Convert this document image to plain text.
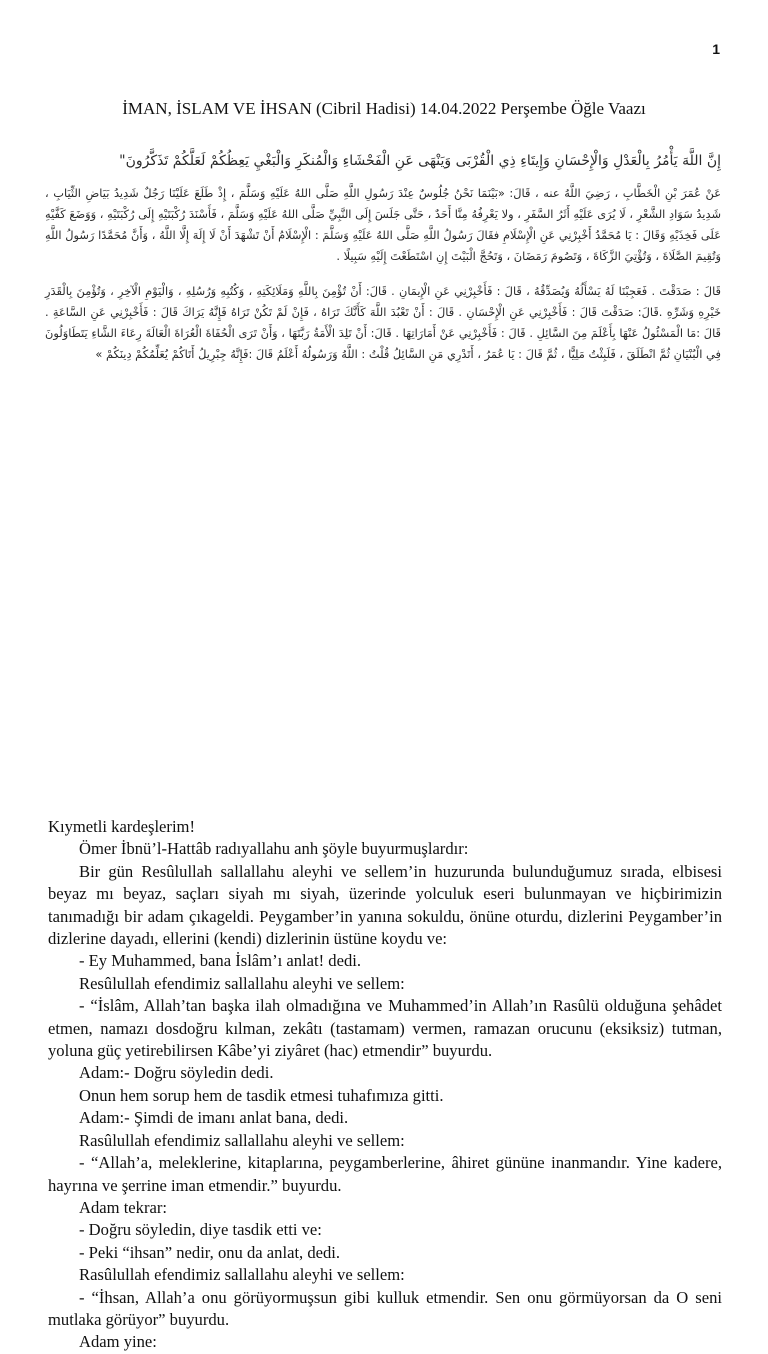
1
İMAN, İSLAM VE İHSAN (Cibril Hadisi) 14.04.2022 Perşembe Öğle Vaazı
إِنَّ اللَّهَ يَأْمُرُ بِالْعَدْلِ وَالْإِحْسَانِ وَإِيتَاءِ ذِي الْقُرْبَى وَيَنْهَى عَنِ الْفَحْشَاءِ وَالْمُنكَرِ وَالْبَغْيِ يَعِظُكُمْ لَعَلَّكُمْ تَذَكَّرُونَ"
عَنْ عُمَرَ بْنِ الْخَطَّابِ ، رَضِيَ اللَّهُ عنه ، قَالَ: «بَيْنَمَا نَحْنُ جُلُوسٌ عِنْدَ رَسُولِ اللَّهِ صَلَّى اللهُ عَلَيْهِ وَسَلَّمَ ، إِذْ طَلَعَ عَلَيْنَا رَجُلٌ شَدِيدُ بَيَاضِ الثِّيَابِ ، شَدِيدُ سَوَادِ الشَّعْرِ ، لَا يُرَى عَلَيْهِ أَثَرُ السَّفَرِ ، ولا يَعْرِفُهُ مِنَّا أَحَدٌ ، حَتَّى جَلَسَ إِلَى النَّبِيِّ صَلَّى اللهُ عَلَيْهِ وَسَلَّمَ ، فَأَسْنَدَ رُكْبَتَيْهِ إِلَى رُكْبَتَيْهِ ، وَوَضَعَ كَفَّيْهِ عَلَى فَخِذَيْهِ وَقَالَ : يَا مُحَمَّدُ أَخْبِرْنِي عَنِ الْإِسْلَامِ فقَالَ رَسُولُ اللَّهِ صَلَّى اللهُ عَلَيْهِ وَسَلَّمَ : الْإِسْلَامُ أَنْ تَشْهَدَ أَنْ لَا إِلَهَ إِلَّا اللَّهُ ، وَأَنَّ مُحَمَّدًا رَسُولُ اللَّهِ وَتُقِيمَ الصَّلَاةَ ، وَتُؤْتِيَ الزَّكَاةَ ، وَتَصُومَ رَمَضَانَ ، وَتَحُجَّ الْبَيْتَ إِنِ اسْتَطَعْتَ إِلَيْهِ سَبِيلًا .
قَالَ : صَدَقْتَ . فَعَجِبْنَا لَهُ يَسْأَلُهُ وَيُصَدِّقُهُ ، قَالَ : فَأَخْبِرْنِي عَنِ الْإِيمَانِ . قَالَ: أَنْ تُؤْمِنَ بِاللَّهِ وَمَلَائِكَتِهِ ، وَكُتُبِهِ وَرُسُلِهِ ، وَالْيَوْمِ الْآخِرِ ، وَتُؤْمِنَ بِالْقَدَرِ خَيْرِهِ وَشَرِّهِ .قَالَ: صَدَقْتَ قَالَ : فَأَخْبِرْنِي عَنِ الْإِحْسَانِ . قَالَ : أَنْ تَعْبُدَ اللَّهَ كَأَنَّكَ تَرَاهُ ، فَإِنْ لَمْ تَكُنْ تَرَاهُ فَإِنَّهُ يَرَاكَ قَالَ : فَأَخْبِرْنِي عَنِ السَّاعَةِ . قَالَ :مَا الْمَسْئُولُ عَنْهَا بِأَعْلَمَ مِنَ السَّائِلِ . قَالَ : فَأَخْبِرْنِي عَنْ أَمَارَاتِهَا . قَالَ: أَنْ تَلِدَ الْأَمَةُ رَبَّتَهَا ، وَأَنْ تَرَى الْحُفَاةَ الْعُرَاةَ الْعَالَةَ رِعَاءَ الشَّاءِ يَتَطَاوَلُونَ فِي الْبُنْيَانِ ثُمَّ انْطَلَقَ ، فَلَبِثْتُ مَلِيًّا ، ثُمَّ قَالَ : يَا عُمَرُ ، أَتَدْرِي مَنِ السَّائِلُ قُلْتُ : اللَّهُ وَرَسُولُهُ أَعْلَمُ قَالَ :فَإِنَّهُ جِبْرِيلُ أَتَاكُمْ يُعَلِّمُكُمْ دِينَكُمْ »

Kıymetli kardeşlerim!

Ömer İbnü’l-Hattâb radıyallahu anh şöyle buyurmuşlardır:

Bir gün Resûlullah sallallahu aleyhi ve sellem’in huzurunda bulunduğumuz sırada, elbisesi beyaz mı beyaz, saçları siyah mı siyah, üzerinde yolculuk eseri bulunmayan ve hiçbirimizin tanımadığı bir adam çıkageldi. Peygamber’in yanına sokuldu, önüne oturdu, dizlerini Peygamber’in dizlerine dayadı, ellerini (kendi) dizlerinin üstüne koydu ve:

- Ey Muhammed, bana İslâm’ı anlat! dedi.

Resûlullah efendimiz sallallahu aleyhi ve sellem:

- “İslâm, Allah’tan başka ilah olmadığına ve Muhammed’in Allah’ın Rasûlü olduğuna şehâdet etmen, namazı dosdoğru kılman, zekâtı (tastamam) vermen, ramazan orucunu (eksiksiz) tutman, yoluna güç yetirebilirsen Kâbe’yi ziyâret (hac) etmendir” buyurdu.

Adam:- Doğru söyledin dedi.

Onun hem sorup hem de tasdik etmesi tuhafımıza gitti.

Adam:- Şimdi de imanı anlat bana, dedi.

Rasûlullah efendimiz sallallahu aleyhi ve sellem:

- “Allah’a, meleklerine, kitaplarına, peygamberlerine, âhiret gününe inanmandır. Yine kadere, hayrına ve şerrine iman etmendir.” buyurdu.

Adam tekrar:

- Doğru söyledin, diye tasdik etti ve:

- Peki “ihsan” nedir, onu da anlat, dedi.

Rasûlullah efendimiz sallallahu aleyhi ve sellem:

- “İhsan, Allah’a onu görüyormuşsun gibi kulluk etmendir. Sen onu görmüyorsan da O seni mutlaka görüyor” buyurdu.

Adam yine:
